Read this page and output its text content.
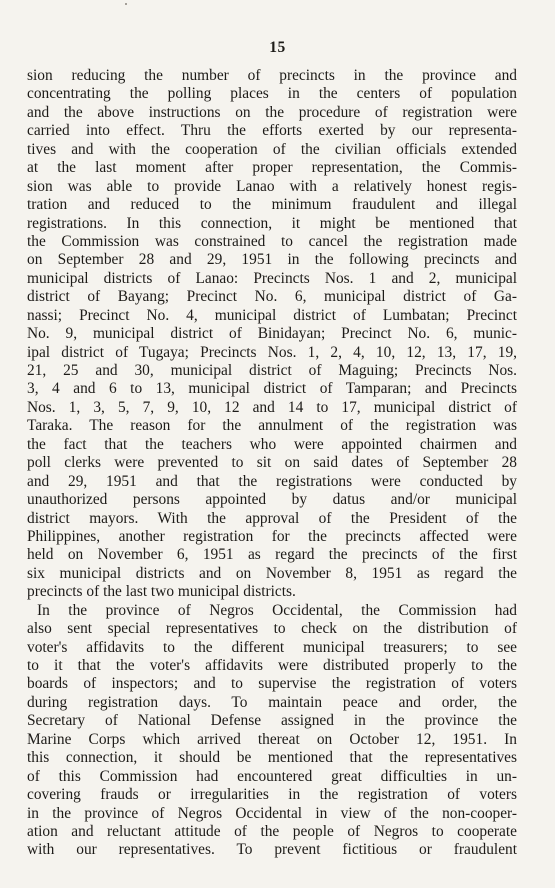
15
sion reducing the number of precincts in the province and
concentrating the polling places in the centers of population
and the above instructions on the procedure of registration were
carried into effect. Thru the efforts exerted by our representa-
tives and with the cooperation of the civilian officials extended
at the last moment after proper representation, the Commis-
sion was able to provide Lanao with a relatively honest regis-
tration and reduced to the minimum fraudulent and illegal
registrations. In this connection, it might be mentioned that
the Commission was constrained to cancel the registration made
on September 28 and 29, 1951 in the following precincts and
municipal districts of Lanao: Precincts Nos. 1 and 2, municipal
district of Bayang; Precinct No. 6, municipal district of Ga-
nassi; Precinct No. 4, municipal district of Lumbatan; Precinct
No. 9, municipal district of Binidayan; Precinct No. 6, munic-
ipal district of Tugaya; Precincts Nos. 1, 2, 4, 10, 12, 13, 17, 19,
21, 25 and 30, municipal district of Maguing; Precincts Nos.
3, 4 and 6 to 13, municipal district of Tamparan; and Precincts
Nos. 1, 3, 5, 7, 9, 10, 12 and 14 to 17, municipal district of
Taraka. The reason for the annulment of the registration was
the fact that the teachers who were appointed chairmen and
poll clerks were prevented to sit on said dates of September 28
and 29, 1951 and that the registrations were conducted by
unauthorized persons appointed by datus and/or municipal
district mayors. With the approval of the President of the
Philippines, another registration for the precincts affected were
held on November 6, 1951 as regard the precincts of the first
six municipal districts and on November 8, 1951 as regard the
precincts of the last two municipal districts.
In the province of Negros Occidental, the Commission had
also sent special representatives to check on the distribution of
voter's affidavits to the different municipal treasurers; to see
to it that the voter's affidavits were distributed properly to the
boards of inspectors; and to supervise the registration of voters
during registration days. To maintain peace and order, the
Secretary of National Defense assigned in the province the
Marine Corps which arrived thereat on October 12, 1951. In
this connection, it should be mentioned that the representatives
of this Commission had encountered great difficulties in un-
covering frauds or irregularities in the registration of voters
in the province of Negros Occidental in view of the non-cooper-
ation and reluctant attitude of the people of Negros to cooperate
with our representatives. To prevent fictitious or fraudulent
